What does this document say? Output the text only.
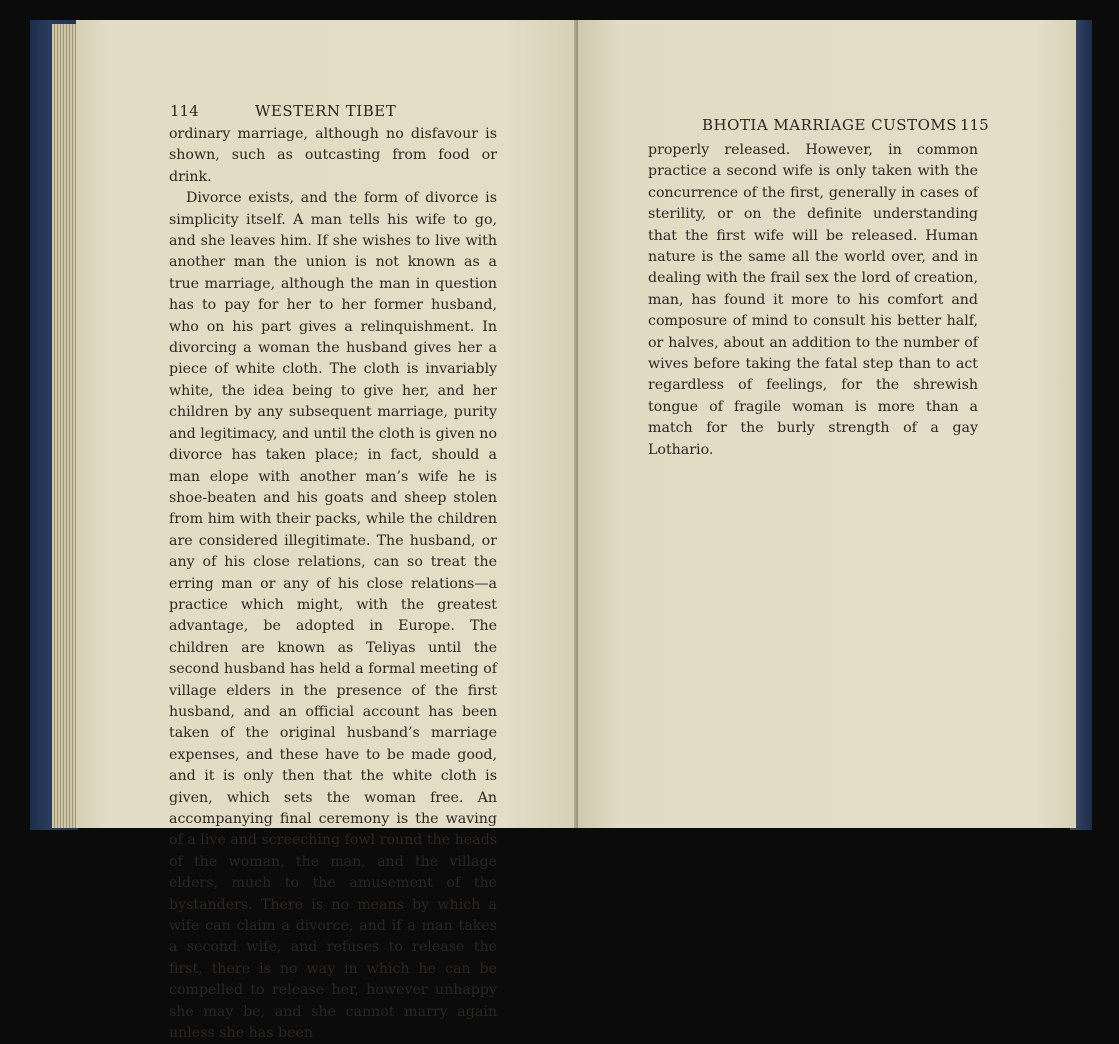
114	WESTERN TIBET

ordinary marriage, although no disfavour is shown, such as outcasting from food or drink.

Divorce exists, and the form of divorce is simplicity itself. A man tells his wife to go, and she leaves him. If she wishes to live with another man the union is not known as a true marriage, although the man in question has to pay for her to her former husband, who on his part gives a relinquishment. In divorcing a woman the husband gives her a piece of white cloth. The cloth is invariably white, the idea being to give her, and her children by any subsequent marriage, purity and legitimacy, and until the cloth is given no divorce has taken place; in fact, should a man elope with another man’s wife he is shoe-beaten and his goats and sheep stolen from him with their packs, while the children are considered illegitimate. The husband, or any of his close relations, can so treat the erring man or any of his close relations—a practice which might, with the greatest advantage, be adopted in Europe. The children are known as Teliyas until the second husband has held a formal meeting of village elders in the presence of the first husband, and an official account has been taken of the original husband’s marriage expenses, and these have to be made good, and it is only then that the white cloth is given, which sets the woman free. An accompanying final ceremony is the waving of a live and screeching fowl round the heads of the woman, the man, and the village elders, much to the amusement of the bystanders. There is no means by which a wife can claim a divorce, and if a man takes a second wife, and refuses to release the first, there is no way in which he can be compelled to release her, however unhappy she may be, and she cannot marry again unless she has been

BHOTIA MARRIAGE CUSTOMS 115

properly released. However, in common practice a second wife is only taken with the concurrence of the first, generally in cases of sterility, or on the definite understanding that the first wife will be released. Human nature is the same all the world over, and in dealing with the frail sex the lord of creation, man, has found it more to his comfort and composure of mind to consult his better half, or halves, about an addition to the number of wives before taking the fatal step than to act regardless of feelings, for the shrewish tongue of fragile woman is more than a match for the burly strength of a gay Lothario.
